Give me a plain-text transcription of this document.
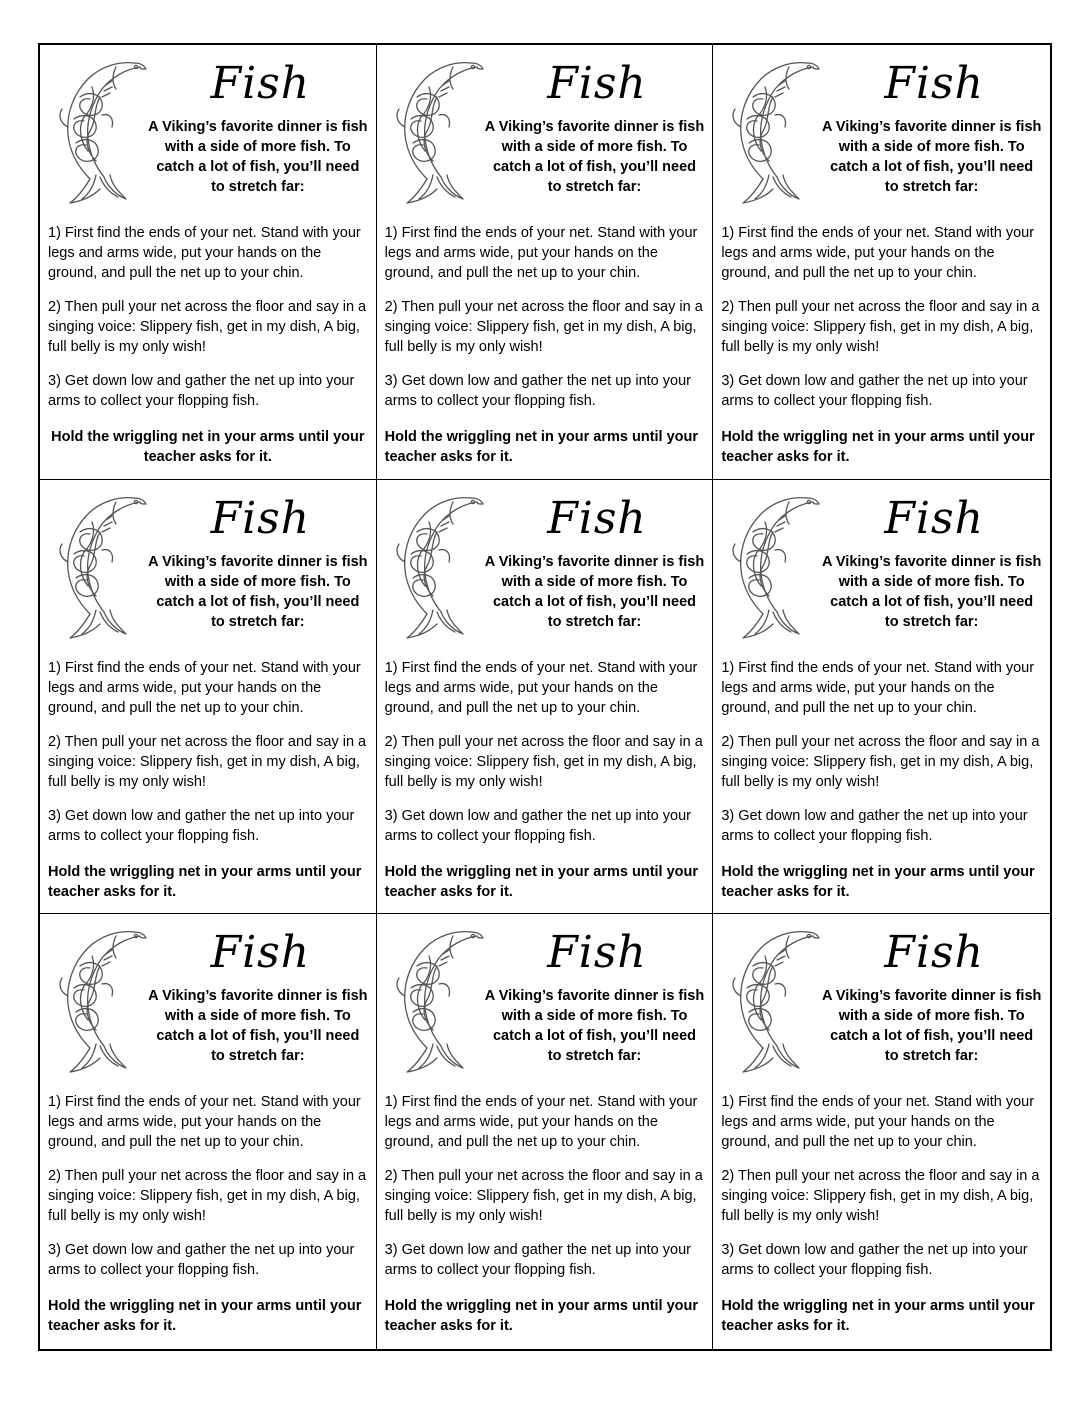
Fish
A Viking’s favorite dinner is fish with a side of more fish. To catch a lot of fish, you’ll need to stretch far:

1) First find the ends of your net. Stand with your legs and arms wide, put your hands on the ground, and pull the net up to your chin.

2) Then pull your net across the floor and say in a singing voice: Slippery fish, get in my dish, A big, full belly is my only wish!

3) Get down low and gather the net up into your arms to collect your flopping fish.

Hold the wriggling net in your arms until your teacher asks for it.

Fish
A Viking’s favorite dinner is fish with a side of more fish. To catch a lot of fish, you’ll need to stretch far:

1) First find the ends of your net. Stand with your legs and arms wide, put your hands on the ground, and pull the net up to your chin.

2) Then pull your net across the floor and say in a singing voice: Slippery fish, get in my dish, A big, full belly is my only wish!

3) Get down low and gather the net up into your arms to collect your flopping fish.

Hold the wriggling net in your arms until your teacher asks for it.

Fish
A Viking’s favorite dinner is fish with a side of more fish. To catch a lot of fish, you’ll need to stretch far:

1) First find the ends of your net. Stand with your legs and arms wide, put your hands on the ground, and pull the net up to your chin.

2) Then pull your net across the floor and say in a singing voice: Slippery fish, get in my dish, A big, full belly is my only wish!

3) Get down low and gather the net up into your arms to collect your flopping fish.

Hold the wriggling net in your arms until your teacher asks for it.

Fish
A Viking’s favorite dinner is fish with a side of more fish. To catch a lot of fish, you’ll need to stretch far:

1) First find the ends of your net. Stand with your legs and arms wide, put your hands on the ground, and pull the net up to your chin.

2) Then pull your net across the floor and say in a singing voice: Slippery fish, get in my dish, A big, full belly is my only wish!

3) Get down low and gather the net up into your arms to collect your flopping fish.

Hold the wriggling net in your arms until your teacher asks for it.

Fish
A Viking’s favorite dinner is fish with a side of more fish. To catch a lot of fish, you’ll need to stretch far:

1) First find the ends of your net. Stand with your legs and arms wide, put your hands on the ground, and pull the net up to your chin.

2) Then pull your net across the floor and say in a singing voice: Slippery fish, get in my dish, A big, full belly is my only wish!

3) Get down low and gather the net up into your arms to collect your flopping fish.

Hold the wriggling net in your arms until your teacher asks for it.

Fish
A Viking’s favorite dinner is fish with a side of more fish. To catch a lot of fish, you’ll need to stretch far:

1) First find the ends of your net. Stand with your legs and arms wide, put your hands on the ground, and pull the net up to your chin.

2) Then pull your net across the floor and say in a singing voice: Slippery fish, get in my dish, A big, full belly is my only wish!

3) Get down low and gather the net up into your arms to collect your flopping fish.

Hold the wriggling net in your arms until your teacher asks for it.

Fish
A Viking’s favorite dinner is fish with a side of more fish. To catch a lot of fish, you’ll need to stretch far:

1) First find the ends of your net. Stand with your legs and arms wide, put your hands on the ground, and pull the net up to your chin.

2) Then pull your net across the floor and say in a singing voice: Slippery fish, get in my dish, A big, full belly is my only wish!

3) Get down low and gather the net up into your arms to collect your flopping fish.

Hold the wriggling net in your arms until your teacher asks for it.

Fish
A Viking’s favorite dinner is fish with a side of more fish. To catch a lot of fish, you’ll need to stretch far:

1) First find the ends of your net. Stand with your legs and arms wide, put your hands on the ground, and pull the net up to your chin.

2) Then pull your net across the floor and say in a singing voice: Slippery fish, get in my dish, A big, full belly is my only wish!

3) Get down low and gather the net up into your arms to collect your flopping fish.

Hold the wriggling net in your arms until your teacher asks for it.

Fish
A Viking’s favorite dinner is fish with a side of more fish. To catch a lot of fish, you’ll need to stretch far:

1) First find the ends of your net. Stand with your legs and arms wide, put your hands on the ground, and pull the net up to your chin.

2) Then pull your net across the floor and say in a singing voice: Slippery fish, get in my dish, A big, full belly is my only wish!

3) Get down low and gather the net up into your arms to collect your flopping fish.

Hold the wriggling net in your arms until your teacher asks for it.
